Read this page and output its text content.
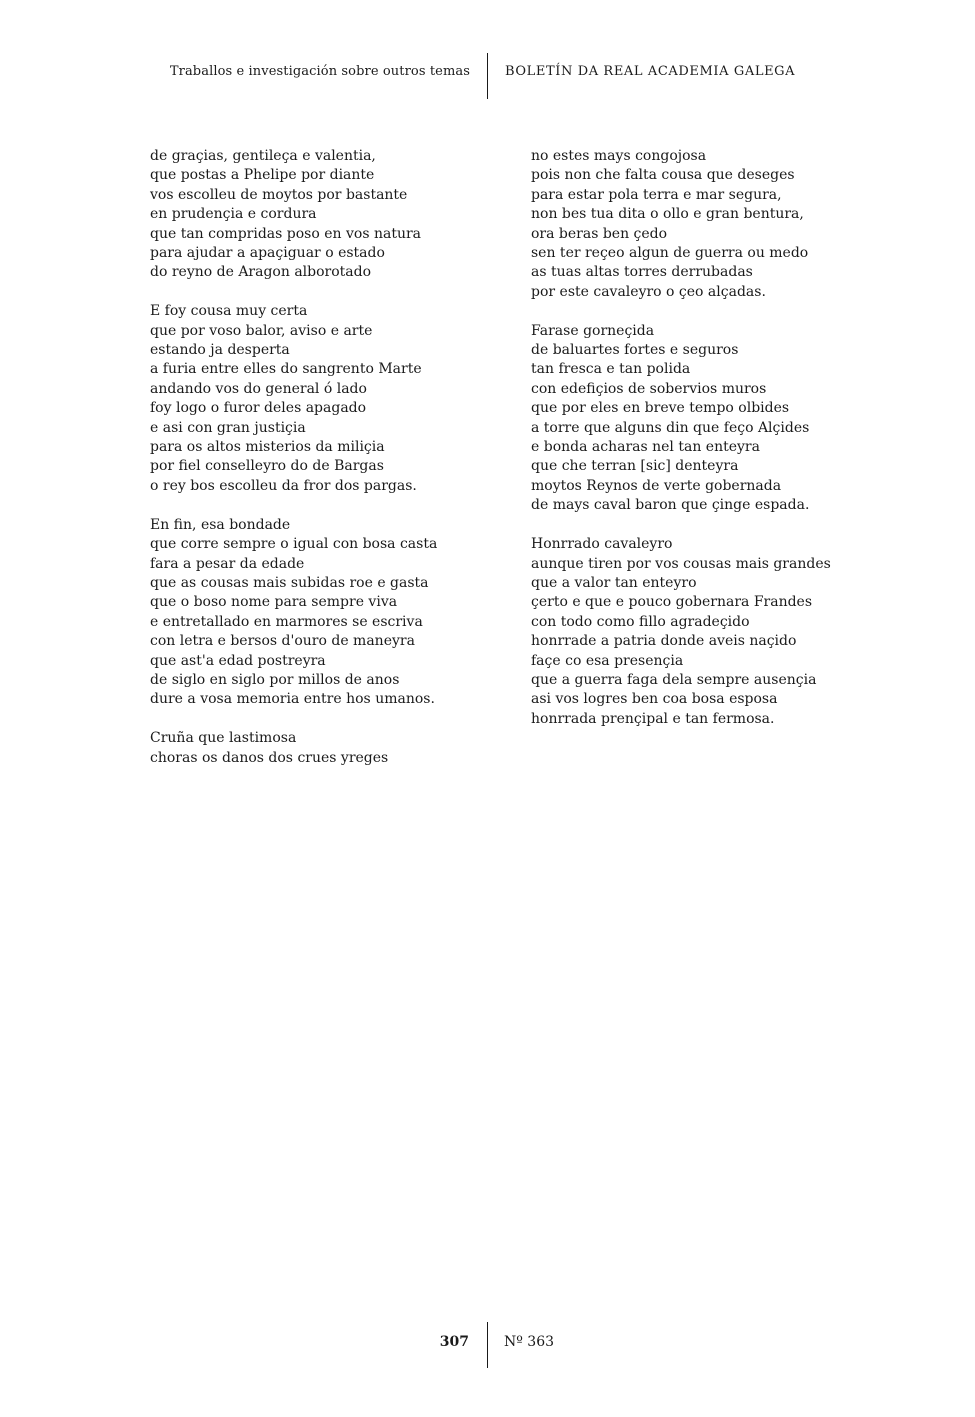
Traballos e investigación sobre outros temas	BOLETÍN DA REAL ACADEMIA GALEGA
de graçias, gentileça e valentia,
que postas a Phelipe por diante
vos escolleu de moytos por bastante
en prudençia e cordura
que tan compridas poso en vos natura
para ajudar a apaçiguar o estado
do reyno de Aragon alborotado
E foy cousa muy certa
que por voso balor, aviso e arte
estando ja desperta
a furia entre elles do sangrento Marte
andando vos do general ó lado
foy logo o furor deles apagado
e asi con gran justiçia
para os altos misterios da miliçia
por fiel conselleyro do de Bargas
o rey bos escolleu da fror dos pargas.
En fin, esa bondade
que corre sempre o igual con bosa casta
fara a pesar da edade
que as cousas mais subidas roe e gasta
que o boso nome para sempre viva
e entretallado en marmores se escriva
con letra e bersos d'ouro de maneyra
que ast'a edad postreyra
de siglo en siglo por millos de anos
dure a vosa memoria entre hos umanos.
Cruña que lastimosa
choras os danos dos crues yreges
no estes mays congojosa
pois non che falta cousa que deseges
para estar pola terra e mar segura,
non bes tua dita o ollo e gran bentura,
ora beras ben çedo
sen ter reçeo algun de guerra ou medo
as tuas altas torres derrubadas
por este cavaleyro o çeo alçadas.
Farase gorneçida
de baluartes fortes e seguros
tan fresca e tan polida
con edefiçios de sobervios muros
que por eles en breve tempo olbides
a torre que alguns din que feço Alçides
e bonda acharas nel tan enteyra
que che terran [sic] denteyra
moytos Reynos de verte gobernada
de mays caval baron que çinge espada.
Honrrado cavaleyro
aunque tiren por vos cousas mais grandes
que a valor tan enteyro
çerto e que e pouco gobernara Frandes
con todo como fillo agradeçido
honrrade a patria donde aveis naçido
façe co esa presençia
que a guerra faga dela sempre ausençia
asi vos logres ben coa bosa esposa
honrrada prençipal e tan fermosa.
307	Nº 363
